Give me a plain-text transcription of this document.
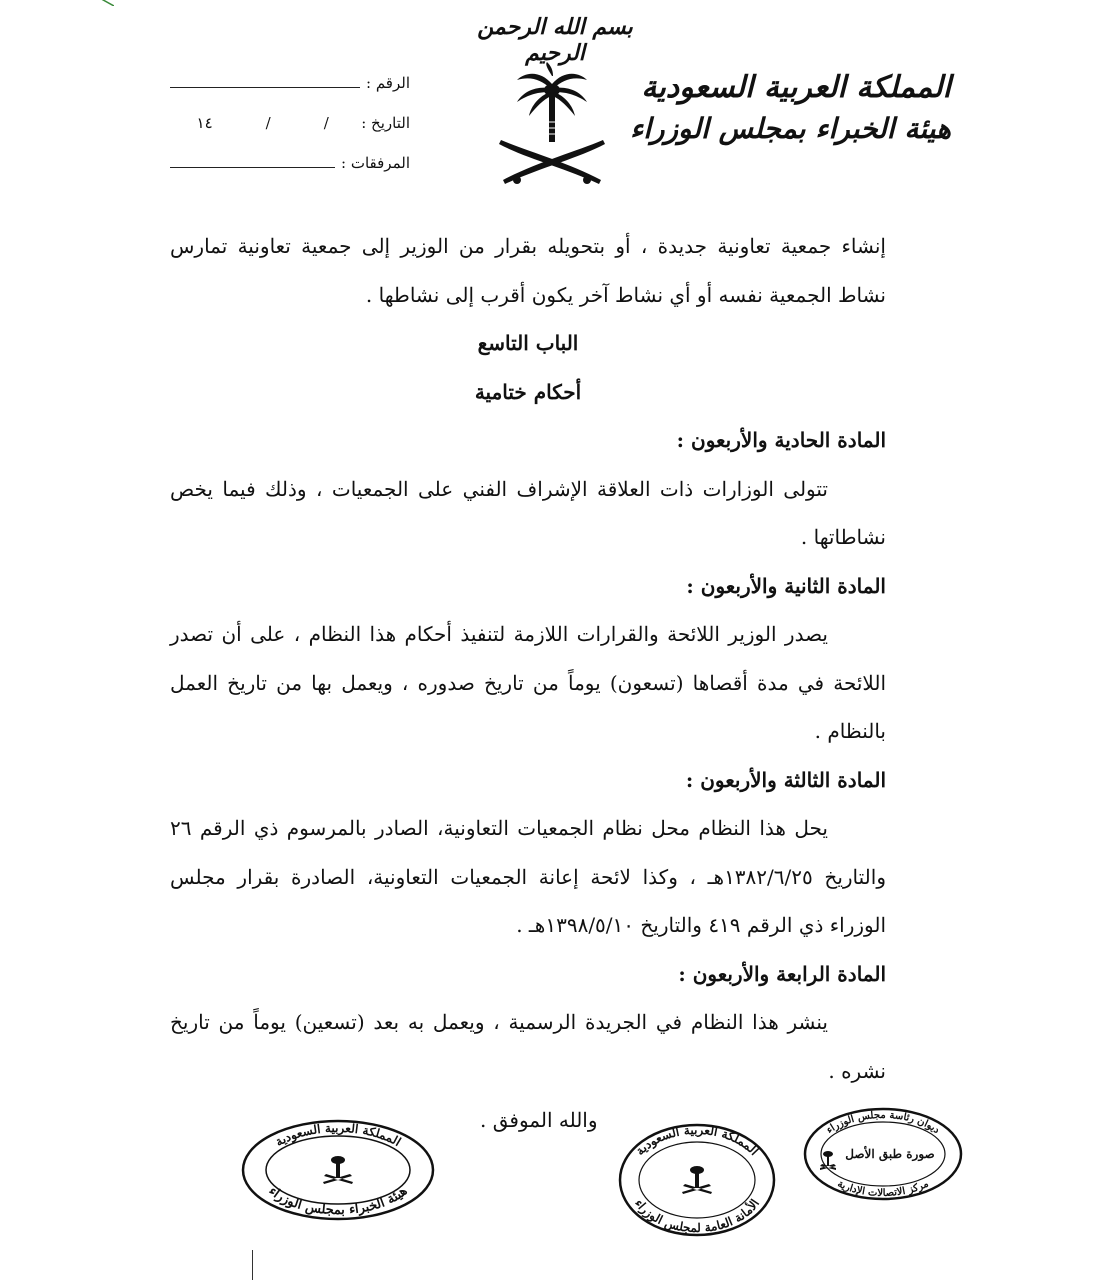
بسم الله الرحمن الرحيم
المملكة العربية السعودية
هيئة الخبراء بمجلس الوزراء
الرقم :
التاريخ :
/
/
١٤
المرفقات :

إنشاء جمعية تعاونية جديدة ، أو بتحويله بقرار من الوزير إلى جمعية تعاونية تمارس نشاط الجمعية نفسه أو أي نشاط آخر يكون أقرب إلى نشاطها .

الباب التاسع

أحكام ختامية

المادة الحادية والأربعون :

تتولى الوزارات ذات العلاقة الإشراف الفني على الجمعيات ، وذلك فيما يخص نشاطاتها .

المادة الثانية والأربعون :

يصدر الوزير اللائحة والقرارات اللازمة لتنفيذ أحكام هذا النظام ، على أن تصدر اللائحة في مدة أقصاها (تسعون) يوماً من تاريخ صدوره ، ويعمل بها من تاريخ العمل بالنظام .

المادة الثالثة والأربعون :

يحل هذا النظام محل نظام الجمعيات التعاونية، الصادر بالمرسوم ذي الرقم ٢٦ والتاريخ ١٣٨٢/٦/٢٥هـ ، وكذا لائحة إعانة الجمعيات التعاونية، الصادرة بقرار مجلس الوزراء ذي الرقم ٤١٩ والتاريخ ١٣٩٨/٥/١٠هـ .

المادة الرابعة والأربعون :

ينشر هذا النظام في الجريدة الرسمية ، ويعمل به بعد (تسعين) يوماً من تاريخ نشره .

والله الموفق .
المملكة العربية السعودية
هيئة الخبراء بمجلس الوزراء
المملكة العربية السعودية
الأمانة العامة لمجلس الوزراء
ديوان رئاسة مجلس الوزراء
صورة طبق الأصل
مركز الاتصالات الإدارية
